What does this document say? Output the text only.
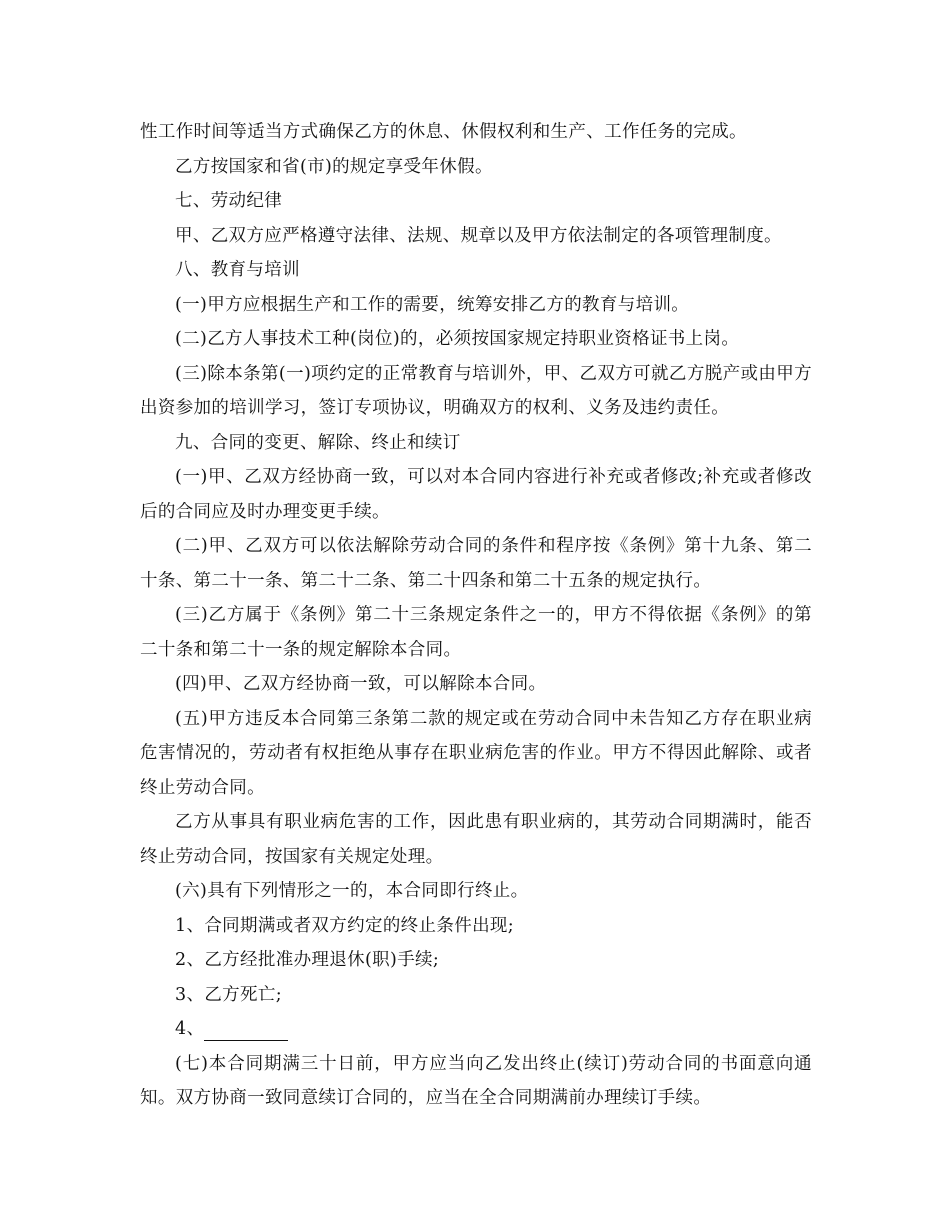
性工作时间等适当方式确保乙方的休息、休假权利和生产、工作任务的完成。

乙方按国家和省(市)的规定享受年休假。

七、劳动纪律

甲、乙双方应严格遵守法律、法规、规章以及甲方依法制定的各项管理制度。

八、教育与培训

(一)甲方应根据生产和工作的需要，统筹安排乙方的教育与培训。

(二)乙方人事技术工种(岗位)的，必须按国家规定持职业资格证书上岗。

(三)除本条第(一)项约定的正常教育与培训外，甲、乙双方可就乙方脱产或由甲方出资参加的培训学习，签订专项协议，明确双方的权利、义务及违约责任。

九、合同的变更、解除、终止和续订

(一)甲、乙双方经协商一致，可以对本合同内容进行补充或者修改;补充或者修改后的合同应及时办理变更手续。

(二)甲、乙双方可以依法解除劳动合同的条件和程序按《条例》第十九条、第二十条、第二十一条、第二十二条、第二十四条和第二十五条的规定执行。

(三)乙方属于《条例》第二十三条规定条件之一的，甲方不得依据《条例》的第二十条和第二十一条的规定解除本合同。

(四)甲、乙双方经协商一致，可以解除本合同。

(五)甲方违反本合同第三条第二款的规定或在劳动合同中未告知乙方存在职业病危害情况的，劳动者有权拒绝从事存在职业病危害的作业。甲方不得因此解除、或者终止劳动合同。

乙方从事具有职业病危害的工作，因此患有职业病的，其劳动合同期满时，能否终止劳动合同，按国家有关规定处理。

(六)具有下列情形之一的，本合同即行终止。

1、合同期满或者双方约定的终止条件出现;

2、乙方经批准办理退休(职)手续;

3、乙方死亡;

4、

(七)本合同期满三十日前，甲方应当向乙发出终止(续订)劳动合同的书面意向通知。双方协商一致同意续订合同的，应当在全合同期满前办理续订手续。
